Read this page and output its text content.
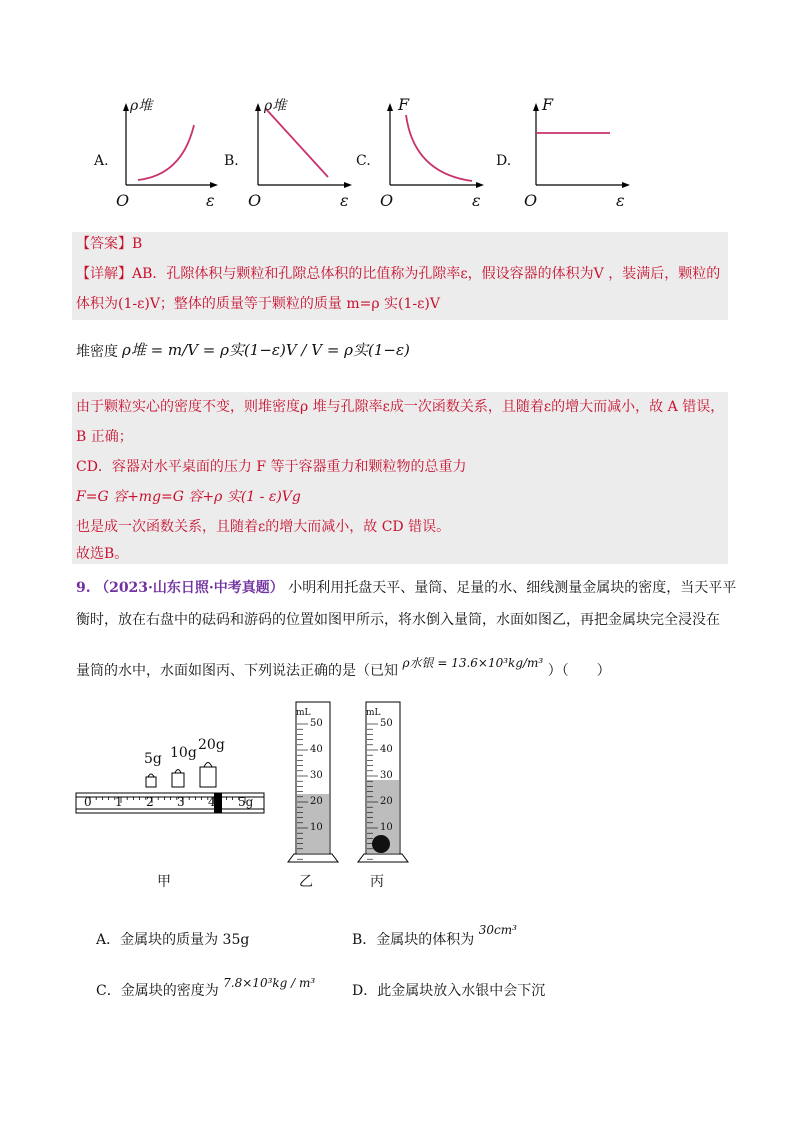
A.
ρ堆
O	ε
B.
ρ堆
O	ε
C.
F
O	ε
D.
F
O	ε
【答案】B
【详解】AB．孔隙体积与颗粒和孔隙总体积的比值称为孔隙率ε，假设容器的体积为V ，装满后，颗粒的
体积为(1-ε)V；整体的质量等于颗粒的质量 m=ρ 实(1-ε)V
堆密度 ρ堆 = m/V = ρ实(1−ε)V / V = ρ实(1−ε)
由于颗粒实心的密度不变，则堆密度ρ 堆与孔隙率ε成一次函数关系，且随着ε的增大而减小，故 A 错误，
B 正确；
CD．容器对水平桌面的压力 F 等于容器重力和颗粒物的总重力
F=G 容+mg=G 容+ρ 实(1 - ε)Vg
也是成一次函数关系，且随着ε的增大而减小，故 CD 错误。
故选B。
9. （2023·山东日照·中考真题） 小明利用托盘天平、量筒、足量的水、细线测量金属块的密度，当天平平
衡时，放在右盘中的砝码和游码的位置如图甲所示，将水倒入量筒，水面如图乙，再把金属块完全浸没在
量筒的水中，水面如图丙、下列说法正确的是（已知 ρ水银 = 13.6×10³kg/m³ ）（　　）
5g 10g 20g
0 1 2 3 4 5g
mL
50
40
30
20
10
mL
50
40
30
20
10
甲	乙	丙
A．金属块的质量为 35g	B．金属块的体积为 30cm³
C．金属块的密度为 7.8×10³kg / m³	D．此金属块放入水银中会下沉
